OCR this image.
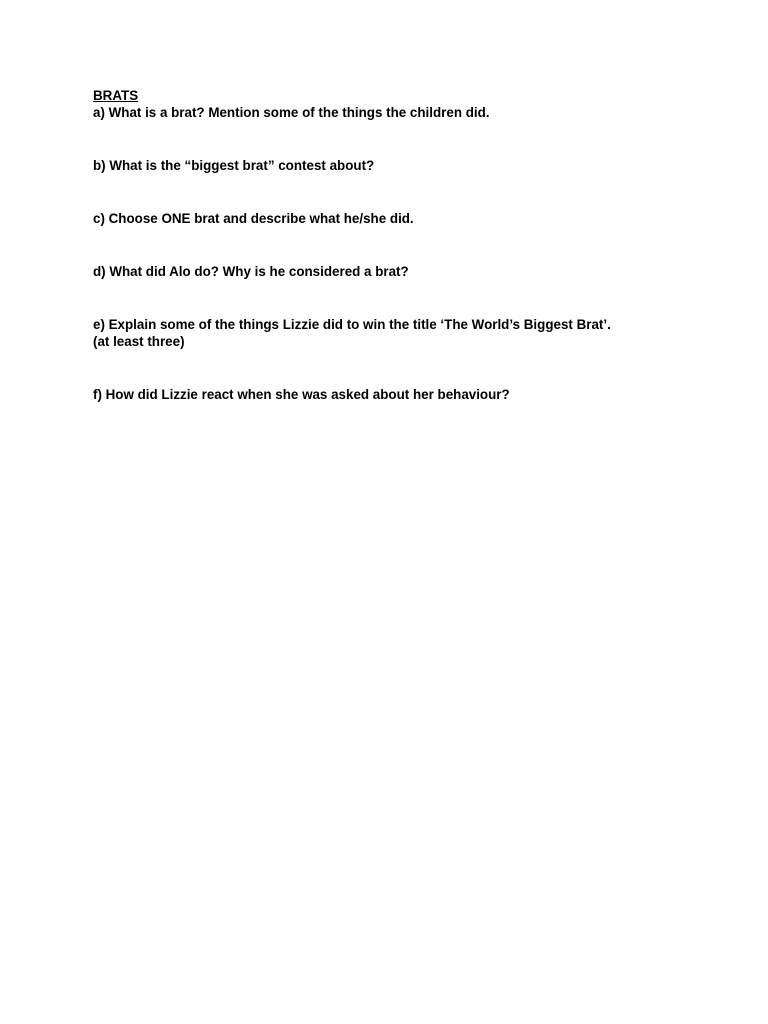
BRATS

a) What is a brat? Mention some of the things the children did.

b) What is the “biggest brat” contest about?

c) Choose ONE brat and describe what he/she did.

d) What did Alo do? Why is he considered a brat?

e) Explain some of the things Lizzie did to win the title ‘The World’s Biggest Brat’.
(at least three)

f) How did Lizzie react when she was asked about her behaviour?
